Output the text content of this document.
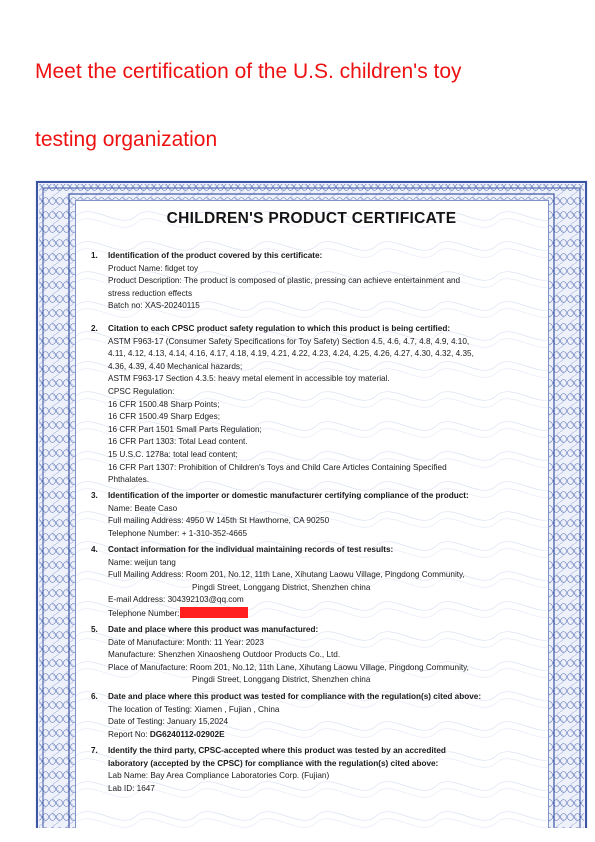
Meet the certification of the U.S. children's toy
testing organization
CHILDREN'S PRODUCT CERTIFICATE
1. Identification of the product covered by this certificate:
Product Name: fidget toy
Product Description: The product is composed of plastic, pressing can achieve entertainment and
stress reduction effects
Batch no: XAS-20240115
2. Citation to each CPSC product safety regulation to which this product is being certified:
ASTM F963-17 (Consumer Safety Specifications for Toy Safety) Section 4.5, 4.6, 4.7, 4.8, 4.9, 4.10,
4.11, 4.12, 4.13, 4.14, 4.16, 4.17, 4.18, 4.19, 4.21, 4.22, 4.23, 4.24, 4.25, 4.26, 4.27, 4.30, 4.32, 4.35,
4.36, 4.39, 4.40 Mechanical hazards;
ASTM F963-17 Section 4.3.5: heavy metal element in accessible toy material.
CPSC Regulation:
16 CFR 1500.48 Sharp Points;
16 CFR 1500.49 Sharp Edges;
16 CFR Part 1501 Small Parts Regulation;
16 CFR Part 1303: Total Lead content.
15 U.S.C. 1278a: total lead content;
16 CFR Part 1307: Prohibition of Children's Toys and Child Care Articles Containing Specified
Phthalates.
3. Identification of the importer or domestic manufacturer certifying compliance of the product:
Name: Beate Caso
Full mailing Address: 4950 W 145th St Hawthorne, CA 90250
Telephone Number: + 1-310-352-4665
4. Contact information for the individual maintaining records of test results:
Name: weijun tang
Full Mailing Address: Room 201, No.12, 11th Lane, Xihutang Laowu Village, Pingdong Community,
Pingdi Street, Longgang District, Shenzhen china
E-mail Address: 304392103@qq.com
Telephone Number:
5. Date and place where this product was manufactured:
Date of Manufacture: Month: 11 Year: 2023
Manufacture: Shenzhen Xinaosheng Outdoor Products Co., Ltd.
Place of Manufacture: Room 201, No.12, 11th Lane, Xihutang Laowu Village, Pingdong Community,
Pingdi Street, Longgang District, Shenzhen china
6. Date and place where this product was tested for compliance with the regulation(s) cited above:
The location of Testing: Xiamen , Fujian , China
Date of Testing: January 15,2024
Report No: DG6240112-02902E
7. Identify the third party, CPSC-accepted where this product was tested by an accredited
laboratory (accepted by the CPSC) for compliance with the regulation(s) cited above:
Lab Name: Bay Area Compliance Laboratories Corp. (Fujian)
Lab ID: 1647
